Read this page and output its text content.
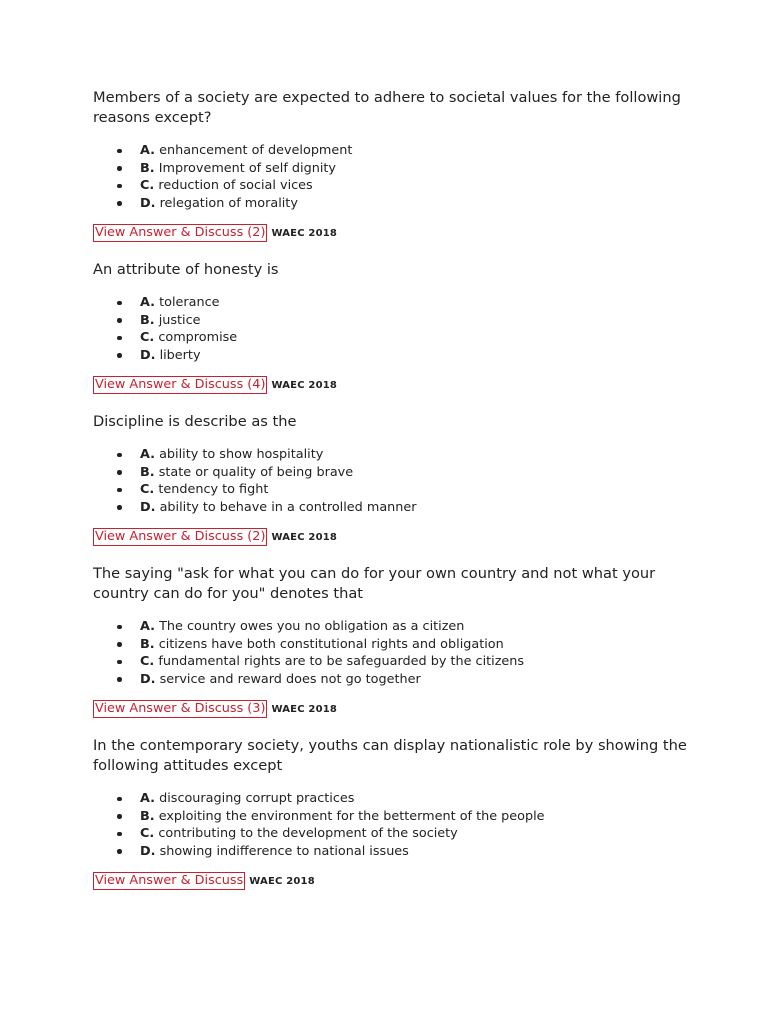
Members of a society are expected to adhere to societal values for the following reasons except?

A. enhancement of development
B. Improvement of self dignity
C. reduction of social vices
D. relegation of morality
View Answer & Discuss (2) WAEC 2018

An attribute of honesty is

A. tolerance
B. justice
C. compromise
D. liberty
View Answer & Discuss (4) WAEC 2018

Discipline is describe as the

A. ability to show hospitality
B. state or quality of being brave
C. tendency to fight
D. ability to behave in a controlled manner
View Answer & Discuss (2) WAEC 2018

The saying "ask for what you can do for your own country and not what your country can do for you" denotes that

A. The country owes you no obligation as a citizen
B. citizens have both constitutional rights and obligation
C. fundamental rights are to be safeguarded by the citizens
D. service and reward does not go together
View Answer & Discuss (3) WAEC 2018

In the contemporary society, youths can display nationalistic role by showing the following attitudes except

A. discouraging corrupt practices
B. exploiting the environment for the betterment of the people
C. contributing to the development of the society
D. showing indifference to national issues
View Answer & Discuss WAEC 2018
